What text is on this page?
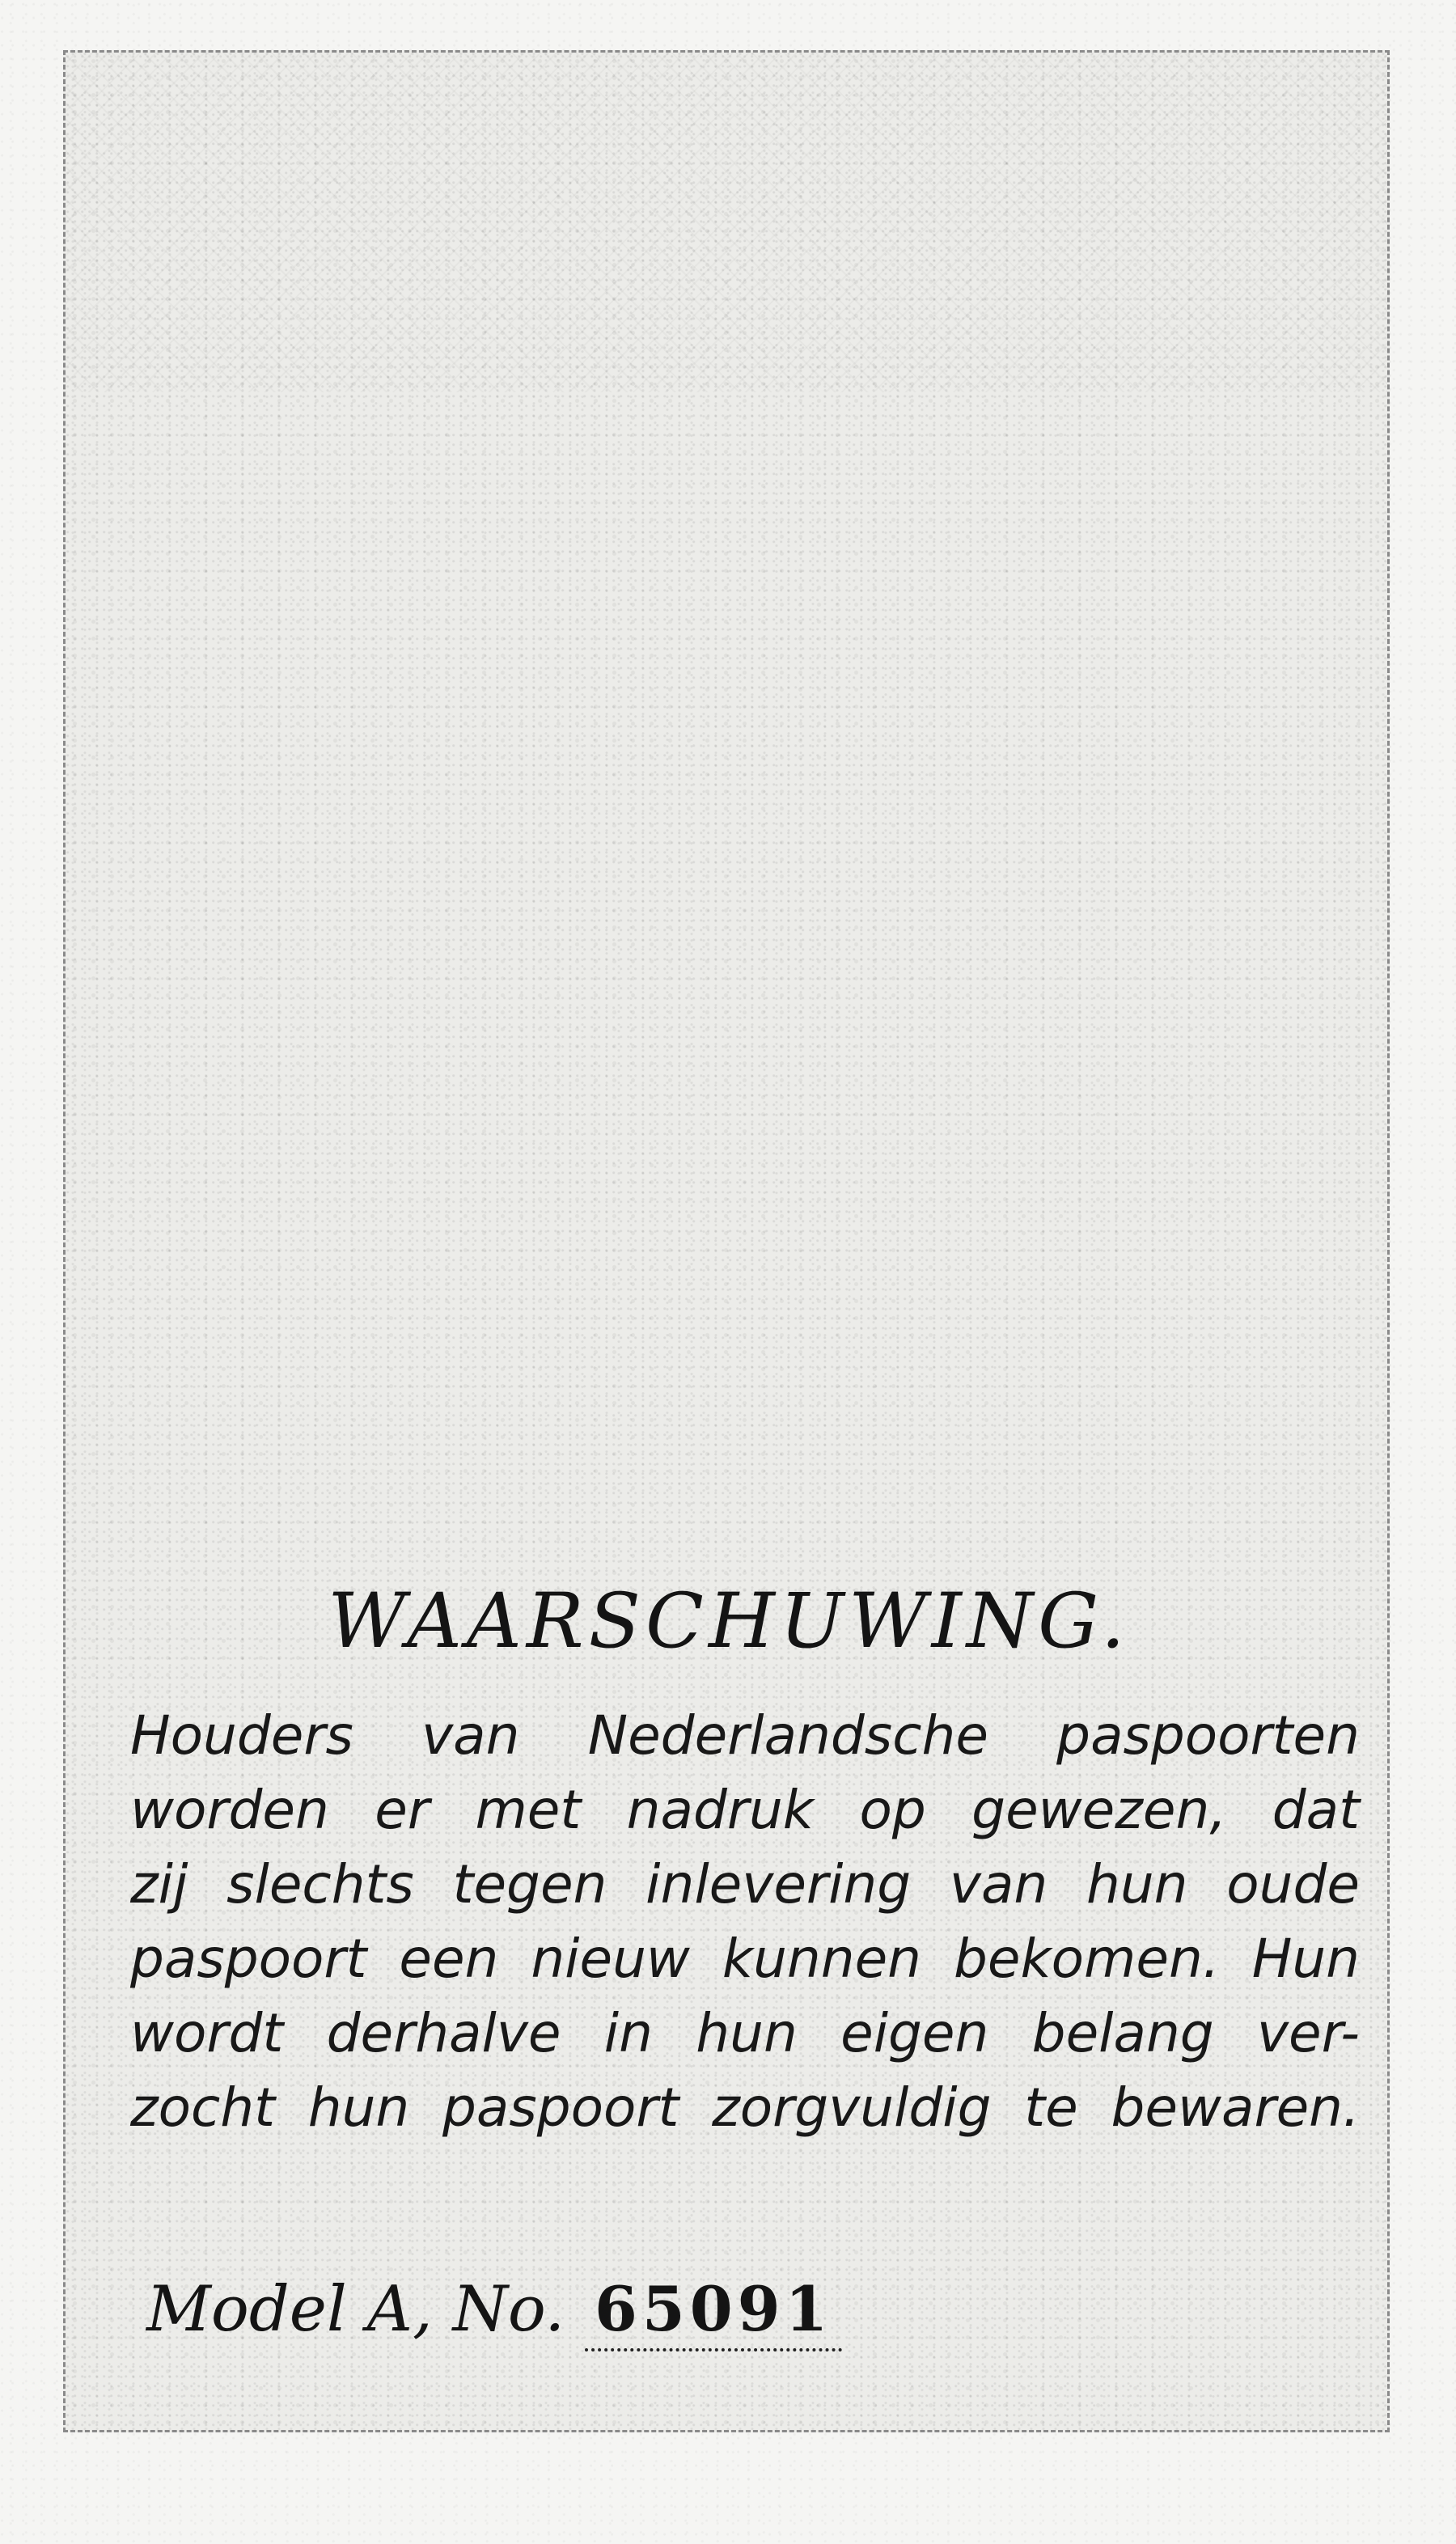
WAARSCHUWING.
Houders van Nederlandsche paspoorten
worden er met nadruk op gewezen, dat
zij slechts tegen inlevering van hun oude
paspoort een nieuw kunnen bekomen. Hun
wordt derhalve in hun eigen belang ver-
zocht hun paspoort zorgvuldig te bewaren.
Model A, No. 65091
